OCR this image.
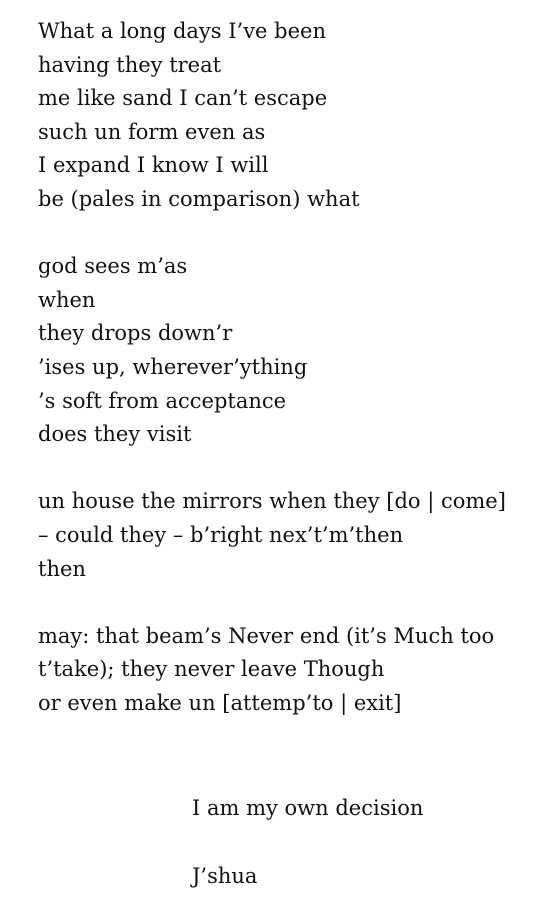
What a long days I’ve been
having they treat
me like sand I can’t escape
such un form even as
I expand I know I will
be (pales in comparison) what
god sees m’as
when
they drops down’r
’ises up, wherever’ything
’s soft from acceptance
does they visit
un house the mirrors when they [do | come]
– could they – b’right nex’t’m’then
then
may: that beam’s Never end (it’s Much too
t’take); they never leave Though
or even make un [attemp’to | exit]
I am my own decision
J’shua
